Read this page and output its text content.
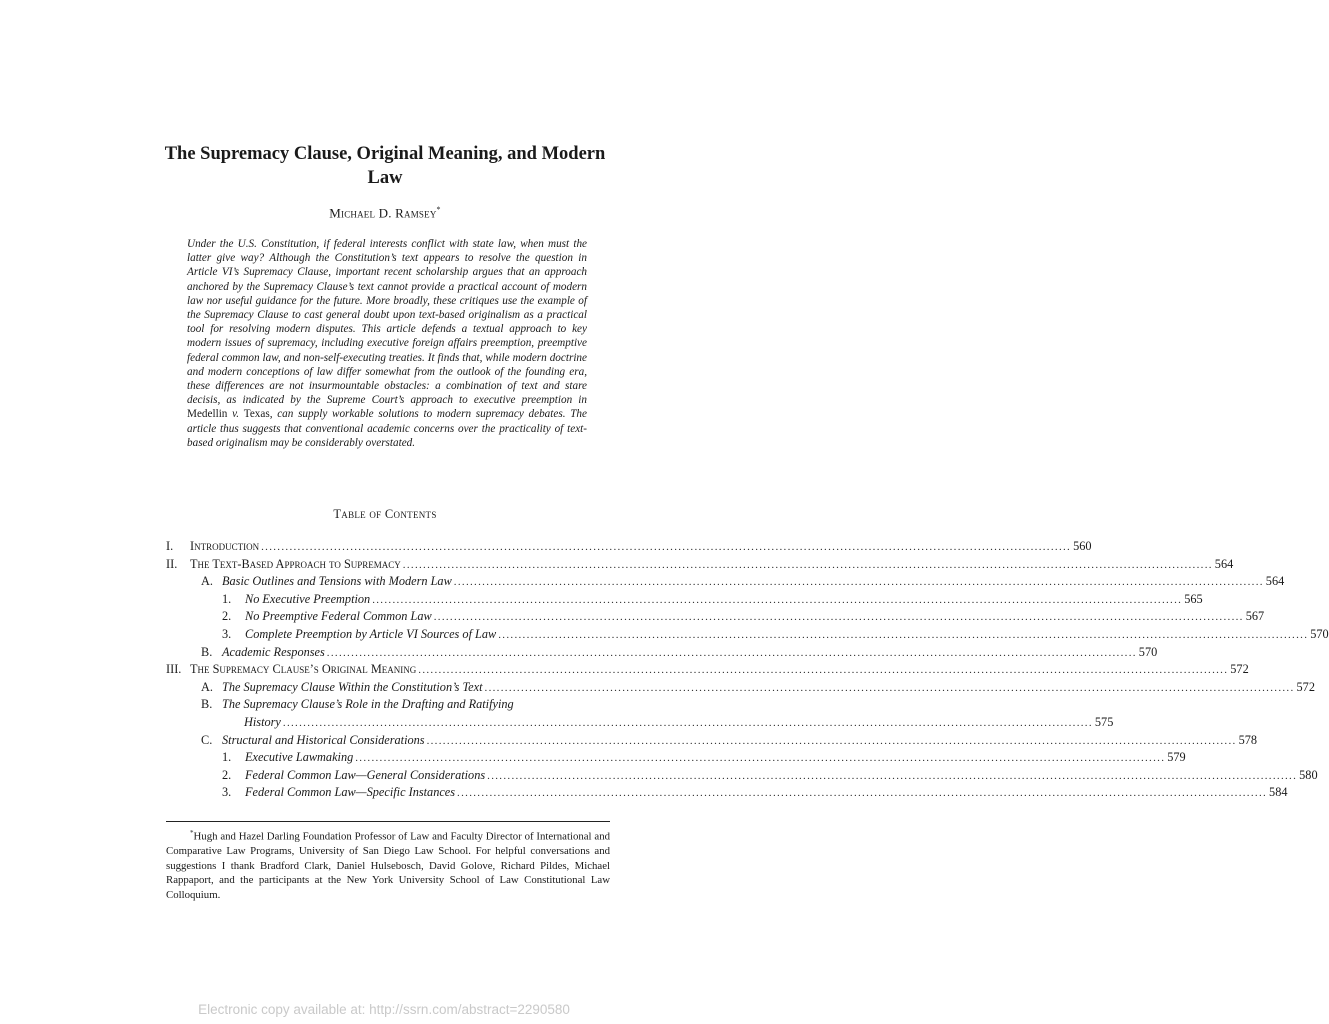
The Supremacy Clause, Original Meaning, and Modern Law
Michael D. Ramsey*
Under the U.S. Constitution, if federal interests conflict with state law, when must the latter give way? Although the Constitution’s text appears to resolve the question in Article VI’s Supremacy Clause, important recent scholarship argues that an approach anchored by the Supremacy Clause’s text cannot provide a practical account of modern law nor useful guidance for the future. More broadly, these critiques use the example of the Supremacy Clause to cast general doubt upon text-based originalism as a practical tool for resolving modern disputes. This article defends a textual approach to key modern issues of supremacy, including executive foreign affairs preemption, preemptive federal common law, and non-self-executing treaties. It finds that, while modern doctrine and modern conceptions of law differ somewhat from the outlook of the founding era, these differences are not insurmountable obstacles: a combination of text and stare decisis, as indicated by the Supreme Court’s approach to executive preemption in Medellin v. Texas, can supply workable solutions to modern supremacy debates. The article thus suggests that conventional academic concerns over the practicality of text-based originalism may be considerably overstated.
Table of Contents
I. Introduction ........................................................................................................................................................................................................ 560
II. The Text-Based Approach to Supremacy ........................................................................................................................................................................................................ 564
A. Basic Outlines and Tensions with Modern Law ........................................................................................................................................................................................................ 564
1. No Executive Preemption ........................................................................................................................................................................................................ 565
2. No Preemptive Federal Common Law ........................................................................................................................................................................................................ 567
3. Complete Preemption by Article VI Sources of Law ........................................................................................................................................................................................................ 570
B. Academic Responses ........................................................................................................................................................................................................ 570
III. The Supremacy Clause’s Original Meaning ........................................................................................................................................................................................................ 572
A. The Supremacy Clause Within the Constitution’s Text ........................................................................................................................................................................................................ 572
B. The Supremacy Clause’s Role in the Drafting and Ratifying
History ........................................................................................................................................................................................................ 575
C. Structural and Historical Considerations ........................................................................................................................................................................................................ 578
1. Executive Lawmaking ........................................................................................................................................................................................................ 579
2. Federal Common Law—General Considerations ........................................................................................................................................................................................................ 580
3. Federal Common Law—Specific Instances ........................................................................................................................................................................................................ 584
*Hugh and Hazel Darling Foundation Professor of Law and Faculty Director of International and Comparative Law Programs, University of San Diego Law School. For helpful conversations and suggestions I thank Bradford Clark, Daniel Hulsebosch, David Golove, Richard Pildes, Michael Rappaport, and the participants at the New York University School of Law Constitutional Law Colloquium.
Electronic copy available at: http://ssrn.com/abstract=2290580
